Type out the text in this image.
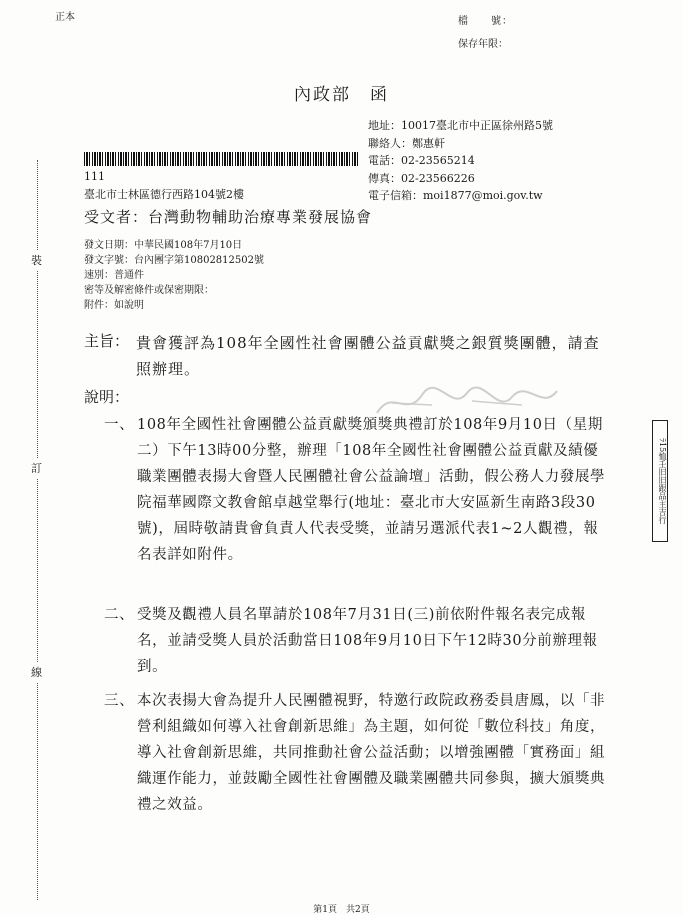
正本	檔　　號：
保存年限：
內政部　函
地址：10017臺北市中正區徐州路5號
聯絡人：鄭惠軒
電話：02-23565214
傳真：02-23566226
電子信箱：moi1877@moi.gov.tw
111
臺北市士林區德行西路104號2樓
受文者：台灣動物輔助治療專業發展協會
發文日期：中華民國108年7月10日
發文字號：台內團字第10802812502號
速別：普通件
密等及解密條件或保密期限：
附件：如說明
主旨： 貴會獲評為108年全國性社會團體公益貢獻獎之銀質獎團體，請查照辦理。
說明：
一、 108年全國性社會團體公益貢獻獎頒獎典禮訂於108年9月10日（星期二）下午13時00分整，辦理「108年全國性社會團體公益貢獻及績優職業團體表揚大會暨人民團體社會公益論壇」活動，假公務人力發展學院福華國際文教會館卓越堂舉行(地址：臺北市大安區新生南路3段30號)，屆時敬請貴會負責人代表受獎，並請另選派代表1~2人觀禮，報名表詳如附件。
二、 受獎及觀禮人員名單請於108年7月31日(三)前依附件報名表完成報名，並請受獎人員於活動當日108年9月10日下午12時30分前辦理報到。
三、 本次表揚大會為提升人民團體視野，特邀行政院政務委員唐鳳，以「非營利組織如何導入社會創新思維」為主題，如何從「數位科技」角度，導入社會創新思維，共同推動社會公益活動；以增強團體「實務面」組織運作能力，並鼓勵全國性社會團體及職業團體共同參與，擴大頒獎典禮之效益。
裝
訂
線
ﾗ15恤壬旧旧跟品主吉行
第1頁　共2頁
